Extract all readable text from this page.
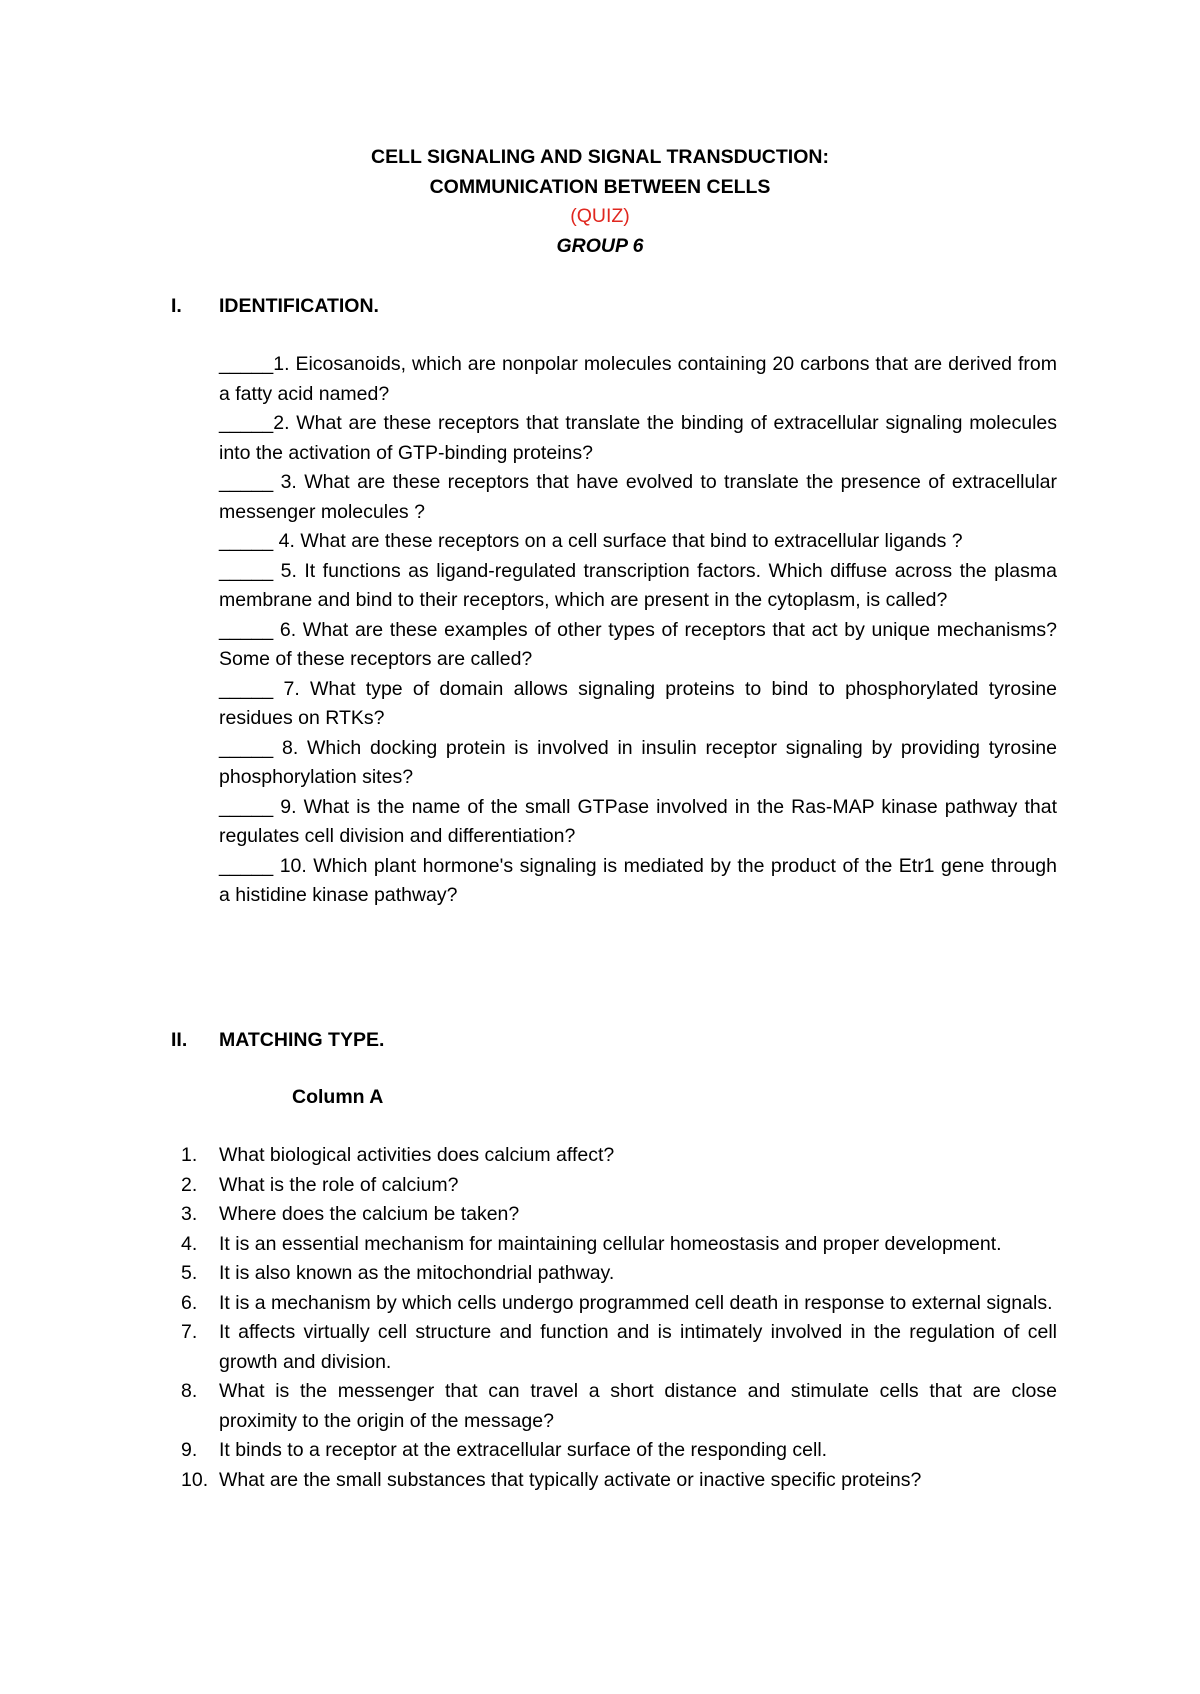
CELL SIGNALING AND SIGNAL TRANSDUCTION:
COMMUNICATION BETWEEN CELLS
(QUIZ)
GROUP 6
I. IDENTIFICATION.
_____1. Eicosanoids, which are nonpolar molecules containing 20 carbons that are derived from a fatty acid named?
_____2. What are these receptors that translate the binding of extracellular signaling molecules into the activation of GTP-binding proteins?
_____ 3. What are these receptors that have evolved to translate the presence of extracellular messenger molecules ?
_____ 4. What are these receptors on a cell surface that bind to extracellular ligands ?
_____ 5. It functions as ligand-regulated transcription factors. Which diffuse across the plasma membrane and bind to their receptors, which are present in the cytoplasm, is called?
_____ 6. What are these examples of other types of receptors that act by unique mechanisms? Some of these receptors are called?
_____ 7. What type of domain allows signaling proteins to bind to phosphorylated tyrosine residues on RTKs?
_____ 8. Which docking protein is involved in insulin receptor signaling by providing tyrosine phosphorylation sites?
_____ 9. What is the name of the small GTPase involved in the Ras-MAP kinase pathway that regulates cell division and differentiation?
_____ 10. Which plant hormone's signaling is mediated by the product of the Etr1 gene through a histidine kinase pathway?
II. MATCHING TYPE.
Column A
1.	What biological activities does calcium affect?
2.	What is the role of calcium?
3.	Where does the calcium be taken?
4.	It is an essential mechanism for maintaining cellular homeostasis and proper development.
5.	It is also known as the mitochondrial pathway.
6.	It is a mechanism by which cells undergo programmed cell death in response to external signals.
7.	It affects virtually cell structure and function and is intimately involved in the regulation of cell growth and division.
8.	What is the messenger that can travel a short distance and stimulate cells that are close proximity to the origin of the message?
9.	It binds to a receptor at the extracellular surface of the responding cell.
10. What are the small substances that typically activate or inactive specific proteins?
